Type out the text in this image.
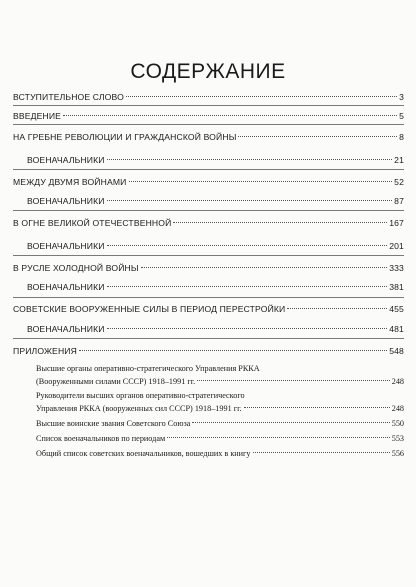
СОДЕРЖАНИЕ
ВСТУПИТЕЛЬНОЕ СЛОВО	3
ВВЕДЕНИЕ	5
НА ГРЕБНЕ РЕВОЛЮЦИИ И ГРАЖДАНСКОЙ ВОЙНЫ	8
ВОЕНАЧАЛЬНИКИ	21
МЕЖДУ ДВУМЯ ВОЙНАМИ	52
ВОЕНАЧАЛЬНИКИ	87
В ОГНЕ ВЕЛИКОЙ ОТЕЧЕСТВЕННОЙ	167
ВОЕНАЧАЛЬНИКИ	201
В РУСЛЕ ХОЛОДНОЙ ВОЙНЫ	333
ВОЕНАЧАЛЬНИКИ	381
СОВЕТСКИЕ ВООРУЖЕННЫЕ СИЛЫ В ПЕРИОД ПЕРЕСТРОЙКИ	455
ВОЕНАЧАЛЬНИКИ	481
ПРИЛОЖЕНИЯ	548
Высшие органы оперативно-стратегического Управления РККА
(Вооруженными силами СССР) 1918–1991 гг.	248
Руководители высших органов оперативно-стратегического
Управления РККА (вооруженных сил СССР) 1918–1991 гг.	248
Высшие воинские звания Советского Союза	550
Список военачальников по периодам	553
Общий список советских военачальников, вошедших в книгу	556
